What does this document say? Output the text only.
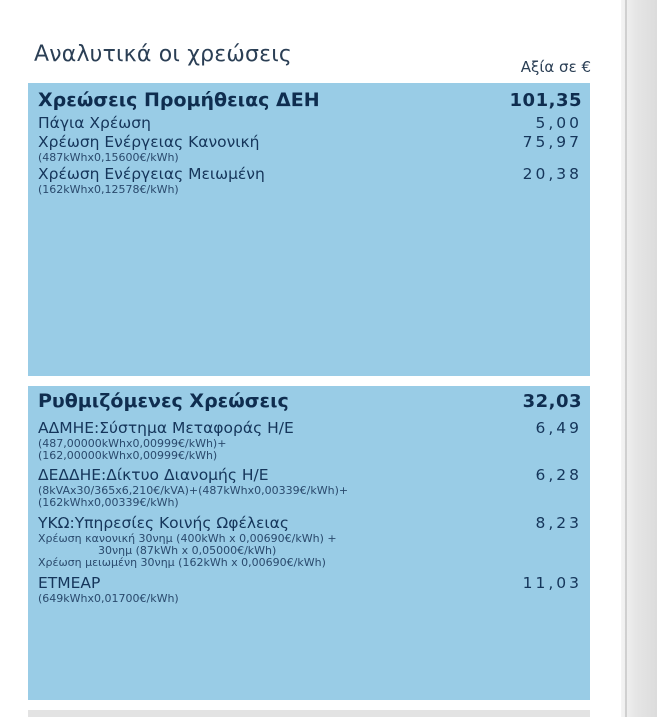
Αναλυτικά οι χρεώσεις	Αξία σε €
Χρεώσεις Προμήθειας ΔΕΗ	101,35
Πάγια Χρέωση	5,00
Χρέωση Ενέργειας Κανονική	75,97
(487kWhx0,15600€/kWh)
Χρέωση Ενέργειας Μειωμένη	20,38
(162kWhx0,12578€/kWh)
Ρυθμιζόμενες Χρεώσεις	32,03
ΑΔΜΗΕ:Σύστημα Μεταφοράς Η/Ε	6,49
(487,00000kWhx0,00999€/kWh)+
(162,00000kWhx0,00999€/kWh)
ΔΕΔΔΗΕ:Δίκτυο Διανομής Η/Ε	6,28
(8kVAx30/365x6,210€/kVA)+(487kWhx0,00339€/kWh)+
(162kWhx0,00339€/kWh)
ΥΚΩ:Υπηρεσίες Κοινής Ωφέλειας	8,23
Χρέωση κανονική 30νημ (400kWh x 0,00690€/kWh) +
30νημ (87kWh x 0,05000€/kWh)
Χρέωση μειωμένη 30νημ (162kWh x 0,00690€/kWh)
ΕΤΜΕΑΡ	11,03
(649kWhx0,01700€/kWh)
